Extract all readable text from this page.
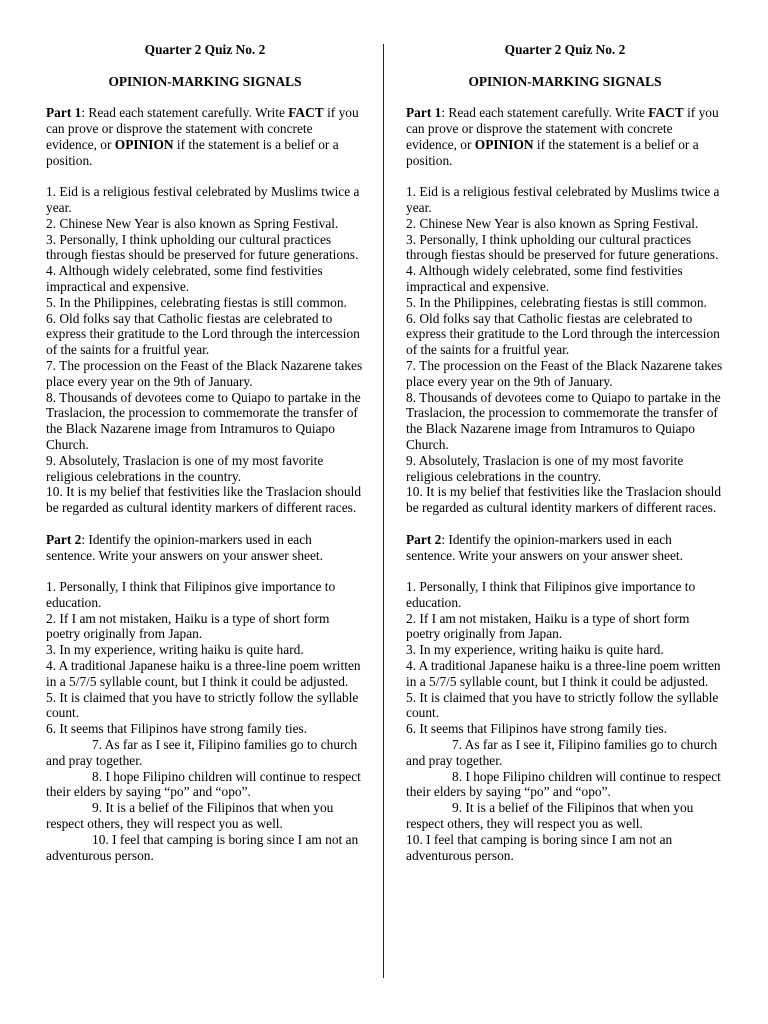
Quarter 2 Quiz No. 2

OPINION-MARKING SIGNALS

Part 1: Read each statement carefully. Write FACT if you can prove or disprove the statement with concrete evidence, or OPINION if the statement is a belief or a position.

1. Eid is a religious festival celebrated by Muslims twice a year.
2. Chinese New Year is also known as Spring Festival.
3. Personally, I think upholding our cultural practices through fiestas should be preserved for future generations.
4. Although widely celebrated, some find festivities impractical and expensive.
5. In the Philippines, celebrating fiestas is still common.
6. Old folks say that Catholic fiestas are celebrated to express their gratitude to the Lord through the intercession of the saints for a fruitful year.
7. The procession on the Feast of the Black Nazarene takes place every year on the 9th of January.
8. Thousands of devotees come to Quiapo to partake in the Traslacion, the procession to commemorate the transfer of the Black Nazarene image from Intramuros to Quiapo Church.
9. Absolutely, Traslacion is one of my most favorite religious celebrations in the country.
10. It is my belief that festivities like the Traslacion should be regarded as cultural identity markers of different races.

Part 2: Identify the opinion-markers used in each sentence. Write your answers on your answer sheet.

1. Personally, I think that Filipinos give importance to education.
2. If I am not mistaken, Haiku is a type of short form poetry originally from Japan.
3. In my experience, writing haiku is quite hard.
4. A traditional Japanese haiku is a three-line poem written in a 5/7/5 syllable count, but I think it could be adjusted.
5. It is claimed that you have to strictly follow the syllable count.
6. It seems that Filipinos have strong family ties.
7. As far as I see it, Filipino families go to church and pray together.
8. I hope Filipino children will continue to respect their elders by saying “po” and “opo”.
9. It is a belief of the Filipinos that when you respect others, they will respect you as well.
10. I feel that camping is boring since I am not an adventurous person.

Quarter 2 Quiz No. 2

OPINION-MARKING SIGNALS

Part 1: Read each statement carefully. Write FACT if you can prove or disprove the statement with concrete evidence, or OPINION if the statement is a belief or a position.

1. Eid is a religious festival celebrated by Muslims twice a year.
2. Chinese New Year is also known as Spring Festival.
3. Personally, I think upholding our cultural practices through fiestas should be preserved for future generations.
4. Although widely celebrated, some find festivities impractical and expensive.
5. In the Philippines, celebrating fiestas is still common.
6. Old folks say that Catholic fiestas are celebrated to express their gratitude to the Lord through the intercession of the saints for a fruitful year.
7. The procession on the Feast of the Black Nazarene takes place every year on the 9th of January.
8. Thousands of devotees come to Quiapo to partake in the Traslacion, the procession to commemorate the transfer of the Black Nazarene image from Intramuros to Quiapo Church.
9. Absolutely, Traslacion is one of my most favorite religious celebrations in the country.
10. It is my belief that festivities like the Traslacion should be regarded as cultural identity markers of different races.

Part 2: Identify the opinion-markers used in each sentence. Write your answers on your answer sheet.

1. Personally, I think that Filipinos give importance to education.
2. If I am not mistaken, Haiku is a type of short form poetry originally from Japan.
3. In my experience, writing haiku is quite hard.
4. A traditional Japanese haiku is a three-line poem written in a 5/7/5 syllable count, but I think it could be adjusted.
5. It is claimed that you have to strictly follow the syllable count.
6. It seems that Filipinos have strong family ties.
7. As far as I see it, Filipino families go to church and pray together.
8. I hope Filipino children will continue to respect their elders by saying “po” and “opo”.
9. It is a belief of the Filipinos that when you respect others, they will respect you as well.
10. I feel that camping is boring since I am not an adventurous person.
